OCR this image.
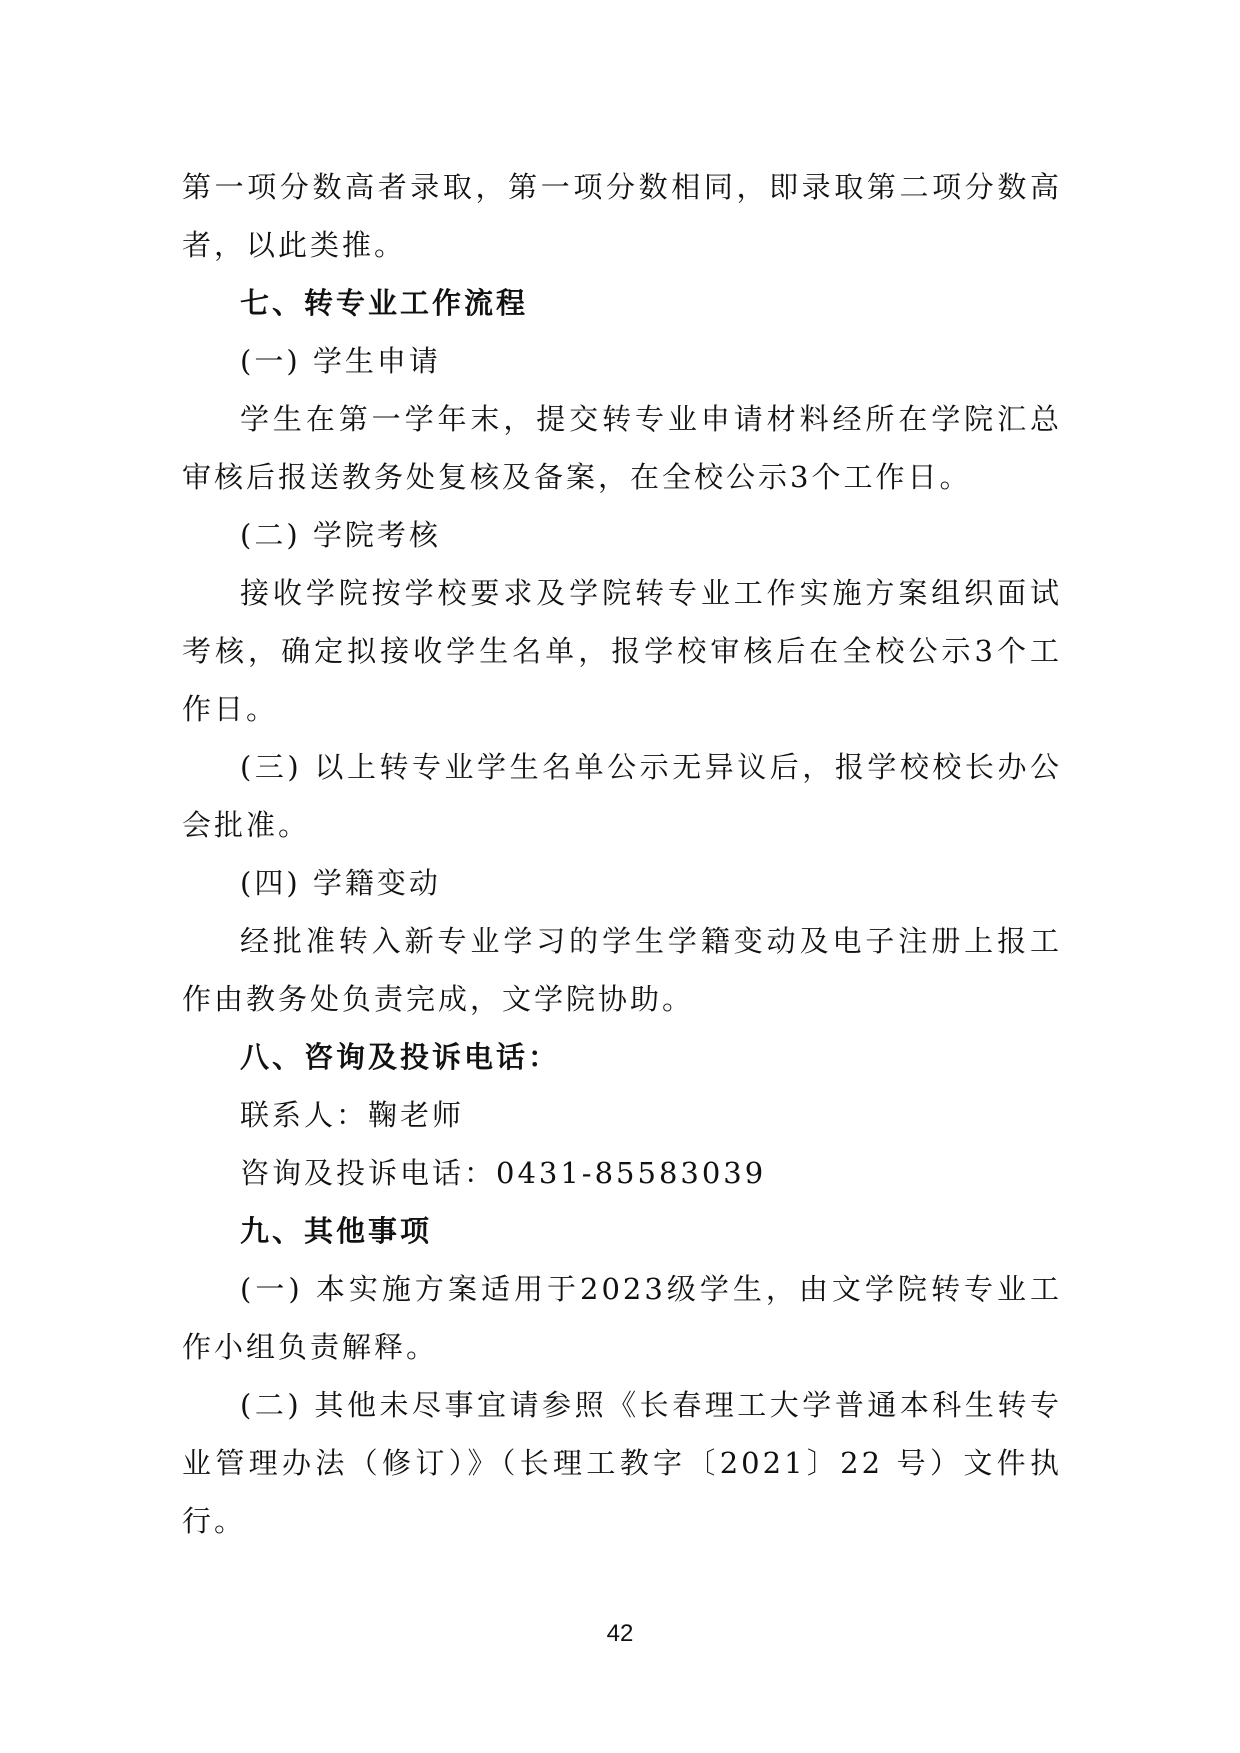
第一项分数高者录取，第一项分数相同，即录取第二项分数高者，以此类推。

七、转专业工作流程

(一) 学生申请

学生在第一学年末，提交转专业申请材料经所在学院汇总审核后报送教务处复核及备案，在全校公示3个工作日。

(二) 学院考核

接收学院按学校要求及学院转专业工作实施方案组织面试考核，确定拟接收学生名单，报学校审核后在全校公示3个工作日。

(三) 以上转专业学生名单公示无异议后，报学校校长办公会批准。

(四) 学籍变动

经批准转入新专业学习的学生学籍变动及电子注册上报工作由教务处负责完成，文学院协助。

八、咨询及投诉电话：

联系人：鞠老师

咨询及投诉电话：0431-85583039

九、其他事项

(一) 本实施方案适用于2023级学生，由文学院转专业工作小组负责解释。

(二) 其他未尽事宜请参照《长春理工大学普通本科生转专业管理办法（修订）》（长理工教字〔2021〕22 号）文件执行。

42
